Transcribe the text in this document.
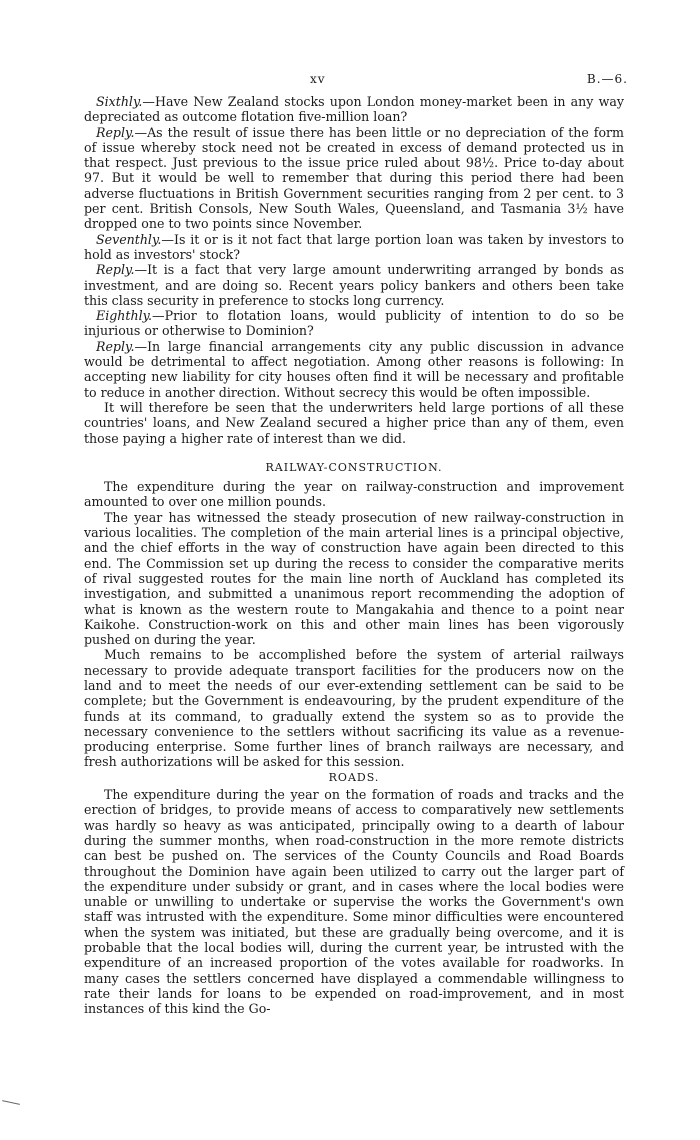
xv	B.—6.

Sixthly.—Have New Zealand stocks upon London money-market been in any way depreciated as outcome flotation five-million loan?

Reply.—As the result of issue there has been little or no depreciation of the form of issue whereby stock need not be created in excess of demand protected us in that respect. Just previous to the issue price ruled about 98½. Price to-day about 97. But it would be well to remember that during this period there had been adverse fluctuations in British Government securities ranging from 2 per cent. to 3 per cent. British Consols, New South Wales, Queensland, and Tasmania 3½ have dropped one to two points since November.

Seventhly.—Is it or is it not fact that large portion loan was taken by investors to hold as investors' stock?

Reply.—It is a fact that very large amount underwriting arranged by bonds as investment, and are doing so. Recent years policy bankers and others been take this class security in preference to stocks long currency.

Eighthly.—Prior to flotation loans, would publicity of intention to do so be injurious or otherwise to Dominion?

Reply.—In large financial arrangements city any public discussion in advance would be detrimental to affect negotiation. Among other reasons is following: In accepting new liability for city houses often find it will be necessary and profitable to reduce in another direction. Without secrecy this would be often impossible.

It will therefore be seen that the underwriters held large portions of all these countries' loans, and New Zealand secured a higher price than any of them, even those paying a higher rate of interest than we did.

RAILWAY-CONSTRUCTION.

The expenditure during the year on railway-construction and improvement amounted to over one million pounds.

The year has witnessed the steady prosecution of new railway-construction in various localities. The completion of the main arterial lines is a principal objective, and the chief efforts in the way of construction have again been directed to this end. The Commission set up during the recess to consider the comparative merits of rival suggested routes for the main line north of Auckland has completed its investigation, and submitted a unanimous report recommending the adoption of what is known as the western route to Mangakahia and thence to a point near Kaikohe. Construction-work on this and other main lines has been vigorously pushed on during the year.

Much remains to be accomplished before the system of arterial railways necessary to provide adequate transport facilities for the producers now on the land and to meet the needs of our ever-extending settlement can be said to be complete; but the Government is endeavouring, by the prudent expenditure of the funds at its command, to gradually extend the system so as to provide the necessary convenience to the settlers without sacrificing its value as a revenue-producing enterprise. Some further lines of branch railways are necessary, and fresh authorizations will be asked for this session.

ROADS.

The expenditure during the year on the formation of roads and tracks and the erection of bridges, to provide means of access to comparatively new settlements was hardly so heavy as was anticipated, principally owing to a dearth of labour during the summer months, when road-construction in the more remote districts can best be pushed on. The services of the County Councils and Road Boards throughout the Dominion have again been utilized to carry out the larger part of the expenditure under subsidy or grant, and in cases where the local bodies were unable or unwilling to undertake or supervise the works the Government's own staff was intrusted with the expenditure. Some minor difficulties were encountered when the system was initiated, but these are gradually being overcome, and it is probable that the local bodies will, during the current year, be intrusted with the expenditure of an increased proportion of the votes available for roadworks. In many cases the settlers concerned have displayed a commendable willingness to rate their lands for loans to be expended on road-improvement, and in most instances of this kind the Go-
